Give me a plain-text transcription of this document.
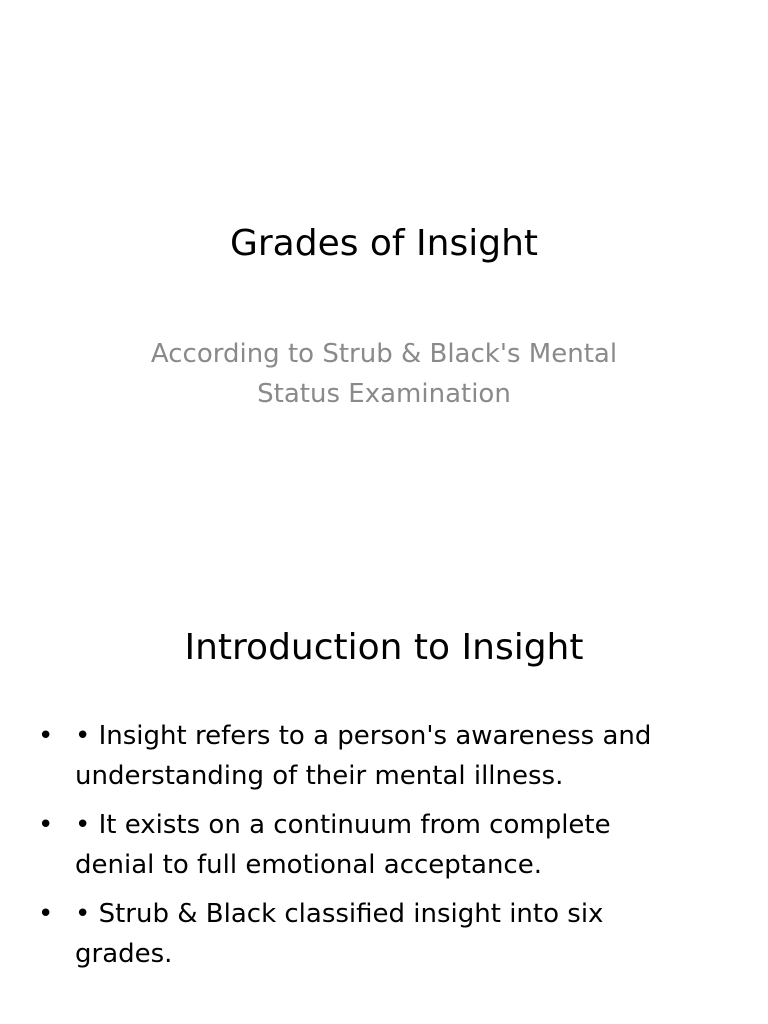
Grades of Insight

According to Strub & Black's Mental Status Examination

Introduction to Insight
• • Insight refers to a person's awareness and understanding of their mental illness.
• • It exists on a continuum from complete denial to full emotional acceptance.
• • Strub & Black classified insight into six grades.
